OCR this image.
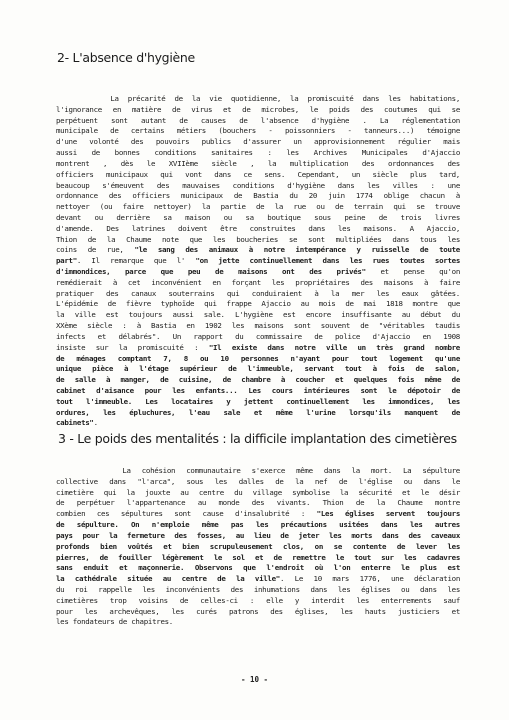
2- L'absence d'hygiène
La précarité de la vie quotidienne, la promiscuité dans les habitations,
l'ignorance en matière de virus et de microbes, le poids des coutumes qui se
perpétuent sont autant de causes de l'absence d'hygiène . La réglementation
municipale de certains métiers (bouchers - poissonniers - tanneurs...) témoigne
d'une volonté des pouvoirs publics d'assurer un approvisionnement régulier mais
aussi de bonnes conditions sanitaires : les Archives Municipales d'Ajaccio
montrent , dès le XVIIème siècle , la multiplication des ordonnances des
officiers municipaux qui vont dans ce sens. Cependant, un siècle plus tard,
beaucoup s'émeuvent des mauvaises conditions d'hygiène dans les villes : une
ordonnance des officiers municipaux de Bastia du 20 juin 1774 oblige chacun à
nettoyer (ou faire nettoyer) la partie de la rue ou de terrain qui se trouve
devant ou derrière sa maison ou sa boutique sous peine de trois livres
d'amende. Des latrines doivent être construites dans les maisons. A Ajaccio,
Thion de la Chaume note que les boucheries se sont multipliées dans tous les
coins de rue, "le sang des animaux à notre intempérance y ruisselle de toute
part". Il remarque que l' "on jette continuellement dans les rues toutes sortes
d'immondices, parce que peu de maisons ont des privés" et pense qu'on
remédierait à cet inconvénient en forçant les propriétaires des maisons à faire
pratiquer des canaux souterrains qui conduiraient à la mer les eaux gâtées.
L'épidémie de fièvre typhoïde qui frappe Ajaccio au mois de mai 1818 montre que
la ville est toujours aussi sale. L'hygiène est encore insuffisante au début du
XXème siècle : à Bastia en 1902 les maisons sont souvent de "véritables taudis
infects et délabrés". Un rapport du commissaire de police d'Ajaccio en 1908
insiste sur la promiscuité : "Il existe dans notre ville un très grand nombre
de ménages comptant 7, 8 ou 10 personnes n'ayant pour tout logement qu'une
unique pièce à l'étage supérieur de l'immeuble, servant tout à fois de salon,
de salle à manger, de cuisine, de chambre à coucher et quelques fois même de
cabinet d'aisance pour les enfants... Les cours intérieures sont le dépotoir de
tout l'immeuble. Les locataires y jettent continuellement les immondices, les
ordures, les épluchures, l'eau sale et même l'urine lorsqu'ils manquent de
cabinets".
3 - Le poids des mentalités : la difficile implantation des cimetières
La cohésion communautaire s'exerce même dans la mort. La sépulture
collective dans "l'arca", sous les dalles de la nef de l'église ou dans le
cimetière qui la jouxte au centre du village symbolise la sécurité et le désir
de perpétuer l'appartenance au monde des vivants. Thion de la Chaume montre
combien ces sépultures sont cause d'insalubrité : "Les églises servent toujours
de sépulture. On n'emploie même pas les précautions usitées dans les autres
pays pour la fermeture des fosses, au lieu de jeter les morts dans des caveaux
profonds bien voûtés et bien scrupuleusement clos, on se contente de lever les
pierres, de fouiller légèrement le sol et de remettre le tout sur les cadavres
sans enduit et maçonnerie. Observons que l'endroit où l'on enterre le plus est
la cathédrale située au centre de la ville". Le 10 mars 1776, une déclaration
du roi rappelle les inconvénients des inhumations dans les églises ou dans les
cimetières trop voisins de celles-ci : elle y interdit les enterrements sauf
pour les archevêques, les curés patrons des églises, les hauts justiciers et
les fondateurs de chapitres.
- 10 -
